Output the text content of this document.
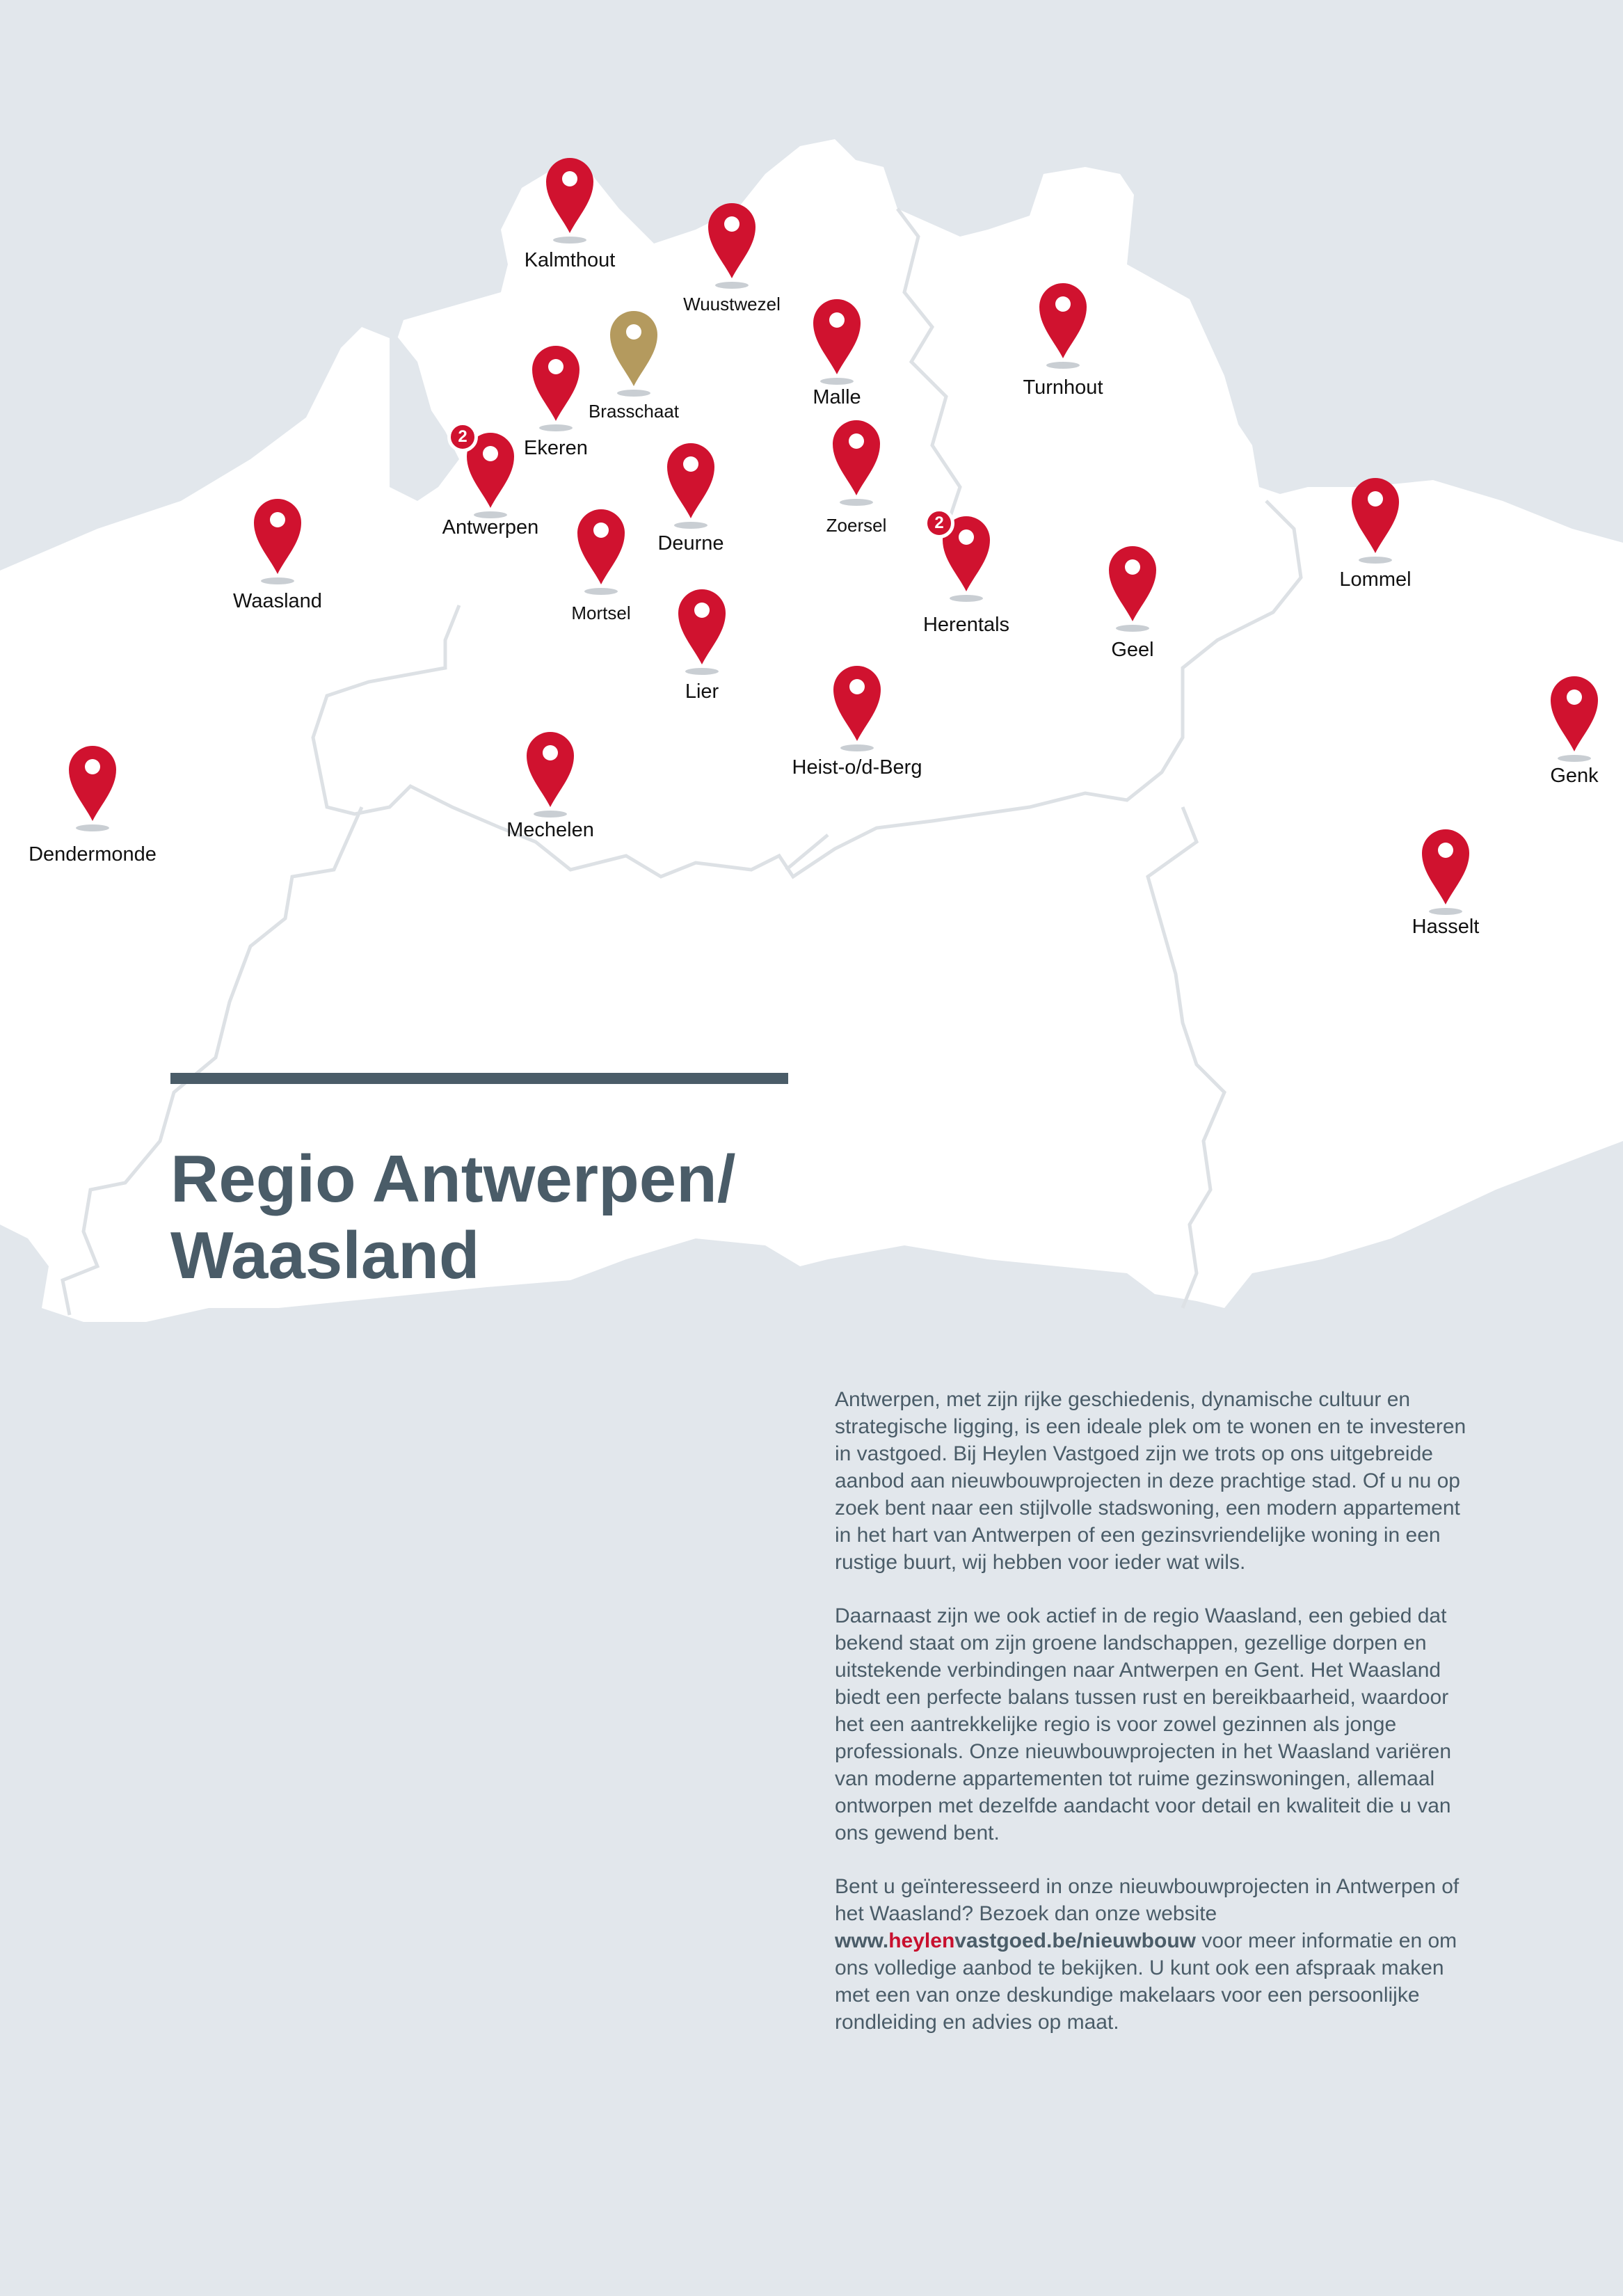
Kalmthout
Wuustwezel
Brasschaat
Malle	Turnhout
Ekeren
Antwerpen
2
Deurne
Zoersel
Waasland
Mortsel
Herentals
2
Lommel
Geel
Lier
Heist-o/d-Berg	Genk
Dendermonde
Mechelen
Hasselt
Regio Antwerpen/
Waasland

Antwerpen, met zijn rijke geschiedenis, dynamische cultuur en strategische ligging, is een ideale plek om te wonen en te investeren in vastgoed. Bij Heylen Vastgoed zijn we trots op ons uitgebreide aanbod aan nieuwbouwprojecten in deze prachtige stad. Of u nu op zoek bent naar een stijlvolle stadswoning, een modern appartement in het hart van Antwerpen of een gezinsvriendelijke woning in een rustige buurt, wij hebben voor ieder wat wils.

Daarnaast zijn we ook actief in de regio Waasland, een gebied dat bekend staat om zijn groene landschappen, gezellige dorpen en uitstekende verbindingen naar Antwerpen en Gent. Het Waasland biedt een perfecte balans tussen rust en bereikbaarheid, waardoor het een aantrekkelijke regio is voor zowel gezinnen als jonge professionals. Onze nieuwbouwprojecten in het Waasland variëren van moderne appartementen tot ruime gezinswoningen, allemaal ontworpen met dezelfde aandacht voor detail en kwaliteit die u van ons gewend bent.

Bent u geïnteresseerd in onze nieuwbouwprojecten in Antwerpen of het Waasland? Bezoek dan onze website www.heylenvastgoed.be/nieuwbouw voor meer informatie en om ons volledige aanbod te bekijken. U kunt ook een afspraak maken met een van onze deskundige makelaars voor een persoonlijke rondleiding en advies op maat.
